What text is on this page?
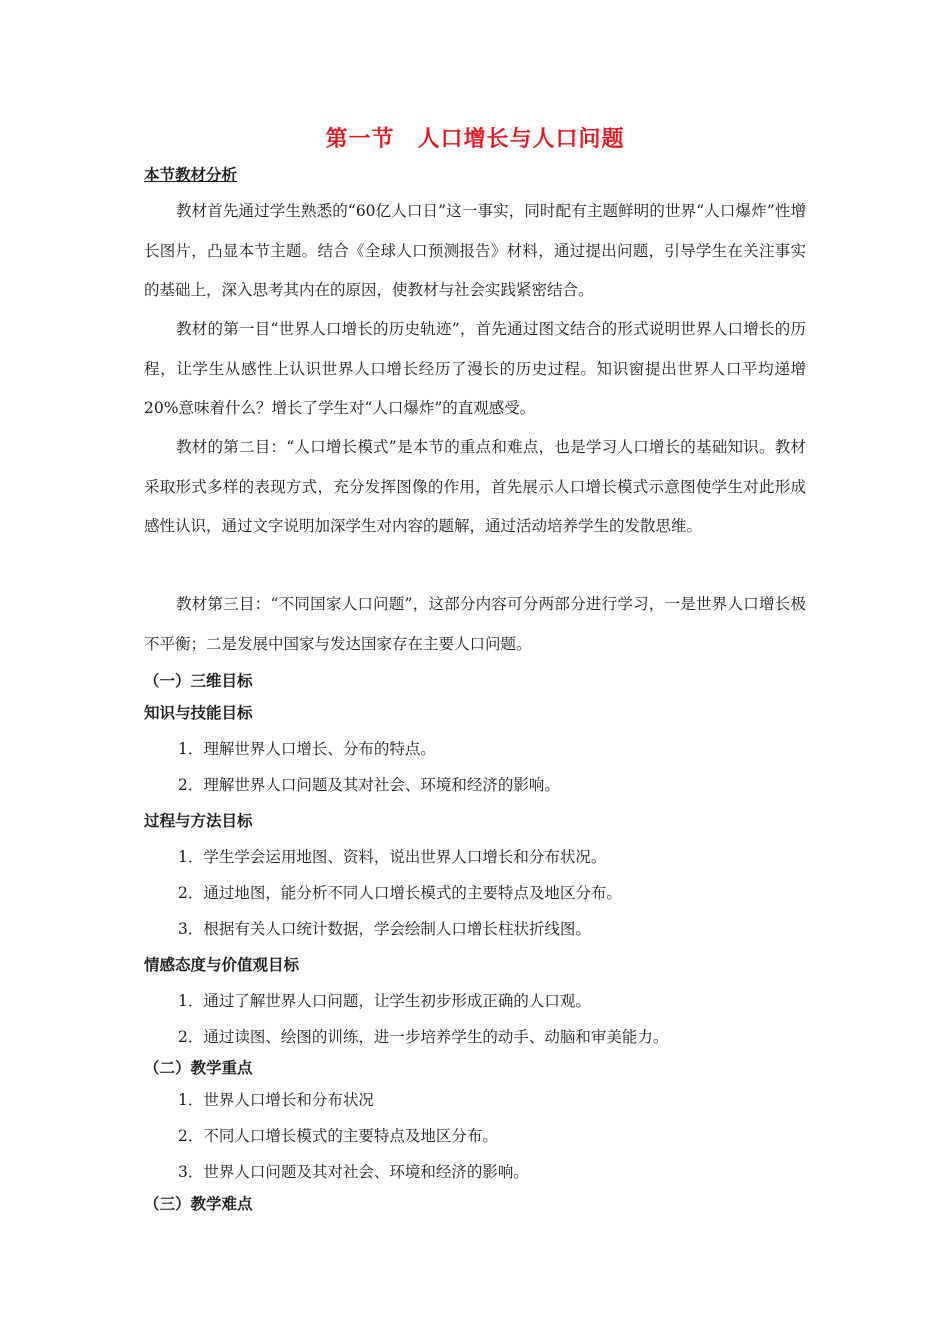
第一节　人口增长与人口问题
本节教材分析
教材首先通过学生熟悉的“60亿人口日”这一事实，同时配有主题鲜明的世界“人口爆炸”性增长图片，凸显本节主题。结合《全球人口预测报告》材料，通过提出问题，引导学生在关注事实的基础上，深入思考其内在的原因，使教材与社会实践紧密结合。
教材的第一目“世界人口增长的历史轨迹”，首先通过图文结合的形式说明世界人口增长的历程，让学生从感性上认识世界人口增长经历了漫长的历史过程。知识窗提出世界人口平均递增20%意味着什么？增长了学生对“人口爆炸”的直观感受。
教材的第二目：“人口增长模式”是本节的重点和难点，也是学习人口增长的基础知识。教材采取形式多样的表现方式，充分发挥图像的作用，首先展示人口增长模式示意图使学生对此形成感性认识，通过文字说明加深学生对内容的题解，通过活动培养学生的发散思维。
教材第三目：“不同国家人口问题”，这部分内容可分两部分进行学习，一是世界人口增长极不平衡；二是发展中国家与发达国家存在主要人口问题。
（一）三维目标
知识与技能目标
1．理解世界人口增长、分布的特点。
2．理解世界人口问题及其对社会、环境和经济的影响。
过程与方法目标
1．学生学会运用地图、资料，说出世界人口增长和分布状况。
2．通过地图，能分析不同人口增长模式的主要特点及地区分布。
3．根据有关人口统计数据，学会绘制人口增长柱状折线图。
情感态度与价值观目标
1．通过了解世界人口问题，让学生初步形成正确的人口观。
2．通过读图、绘图的训练，进一步培养学生的动手、动脑和审美能力。
（二）教学重点
1．世界人口增长和分布状况
2．不同人口增长模式的主要特点及地区分布。
3．世界人口问题及其对社会、环境和经济的影响。
（三）教学难点
